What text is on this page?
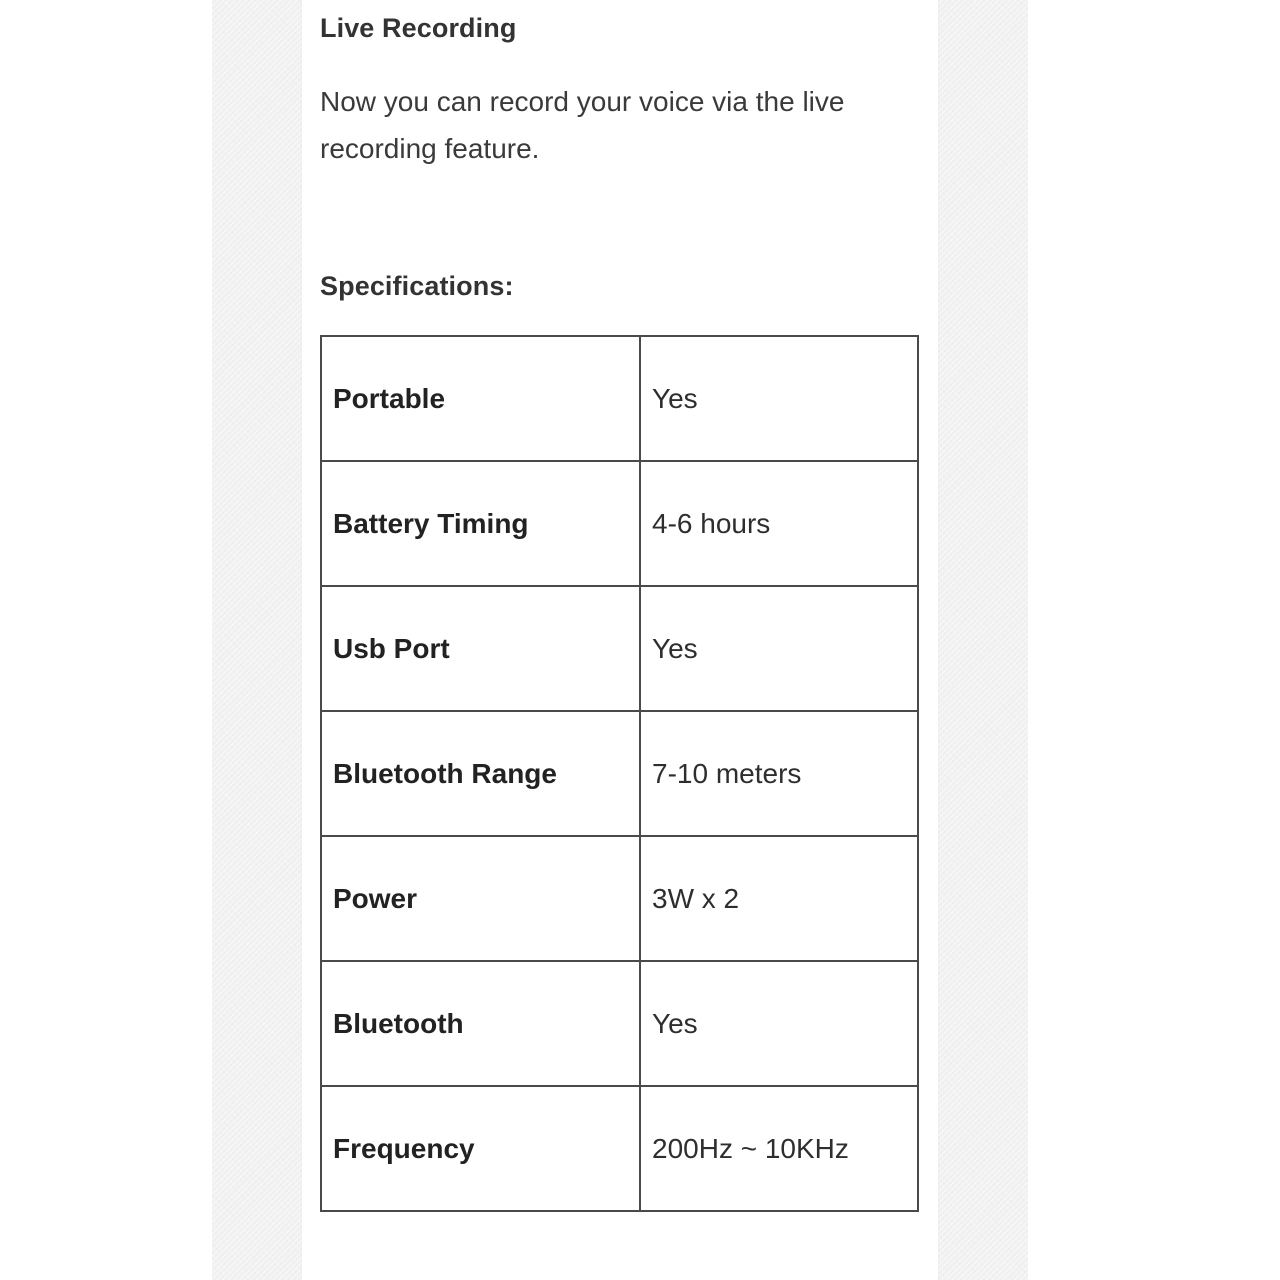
Live Recording

Now you can record your voice via the live recording feature.

Specifications:
Portable	Yes
Battery Timing	4-6 hours
Usb Port	Yes
Bluetooth Range	7-10 meters
Power	3W x 2
Bluetooth	Yes
Frequency	200Hz ~ 10KHz
